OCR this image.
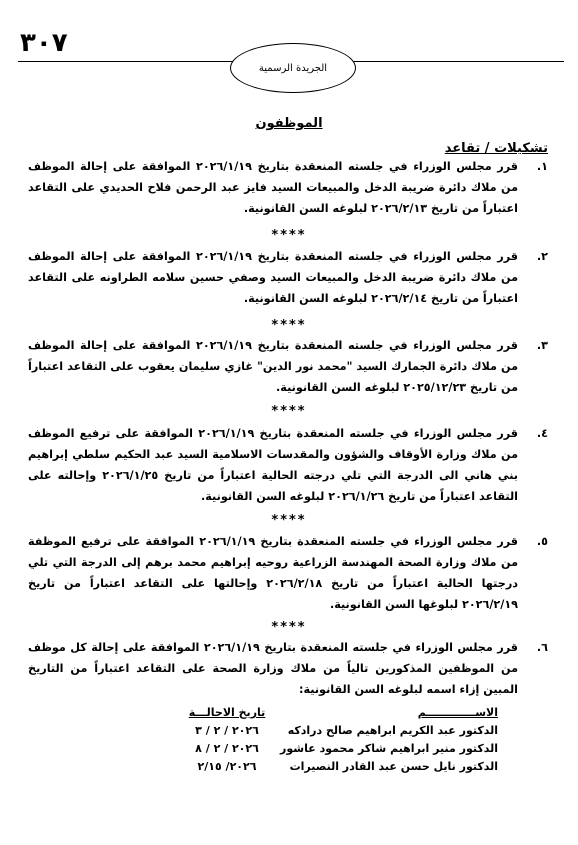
٣٠٧
الجريدة الرسمية
الموظفون
تشكيلات / تقاعد
١.
قرر مجلس الوزراء في جلسته المنعقدة بتاريخ ٢٠٢٦/١/١٩ الموافقة على إحالة الموظف من ملاك دائرة ضريبة الدخل والمبيعات السيد فايز عبد الرحمن فلاح الحديدي على التقاعد اعتباراً من تاريخ ٢٠٢٦/٢/١٣ لبلوغه السن القانونية.
****
٢.
قرر مجلس الوزراء في جلسته المنعقدة بتاريخ ٢٠٢٦/١/١٩ الموافقة على إحالة الموظف من ملاك دائرة ضريبة الدخل والمبيعات السيد وصفي حسين سلامه الطراونه على التقاعد اعتباراً من تاريخ ٢٠٢٦/٢/١٤ لبلوغه السن القانونية.
****
٣.
قرر مجلس الوزراء في جلسته المنعقدة بتاريخ ٢٠٢٦/١/١٩ الموافقة على إحالة الموظف من ملاك دائرة الجمارك السيد "محمد نور الدين" غازي سليمان يعقوب على التقاعد اعتباراً من تاريخ ٢٠٢٥/١٢/٢٣ لبلوغه السن القانونية.
****
٤.
قرر مجلس الوزراء في جلسته المنعقدة بتاريخ ٢٠٢٦/١/١٩ الموافقة على ترفيع الموظف من ملاك وزارة الأوقاف والشؤون والمقدسات الاسلامية السيد عبد الحكيم سلطي إبراهيم بني هاني الى الدرجة التي تلي درجته الحالية اعتباراً من تاريخ ٢٠٢٦/١/٢٥ وإحالته على التقاعد اعتباراً من تاريخ ٢٠٢٦/١/٢٦ لبلوغه السن القانونية.
****
٥.
قرر مجلس الوزراء في جلسته المنعقدة بتاريخ ٢٠٢٦/١/١٩ الموافقة على ترفيع الموظفة من ملاك وزارة الصحة المهندسة الزراعية روحيه إبراهيم محمد برهم إلى الدرجة التي تلي درجتها الحالية اعتباراً من تاريخ ٢٠٢٦/٢/١٨ وإحالتها على التقاعد اعتباراً من تاريخ ٢٠٢٦/٢/١٩ لبلوغها السن القانونية.
****
٦.
قرر مجلس الوزراء في جلسته المنعقدة بتاريخ ٢٠٢٦/١/١٩ الموافقة على إحالة كل موظف من الموظفين المذكورين تالياً من ملاك وزارة الصحة على التقاعد اعتباراً من التاريخ المبين إزاء اسمه لبلوغه السن القانونية:
الاســـــــــــــم
تاريخ الاحالـــة
الدكتور عبد الكريم ابراهيم صالح درادكه
٢٠٢٦ / ٢ / ٣
الدكتور منير ابراهيم شاكر محمود عاشور
٢٠٢٦ / ٢ / ٨
الدكتور نايل حسن عبد القادر النصيرات
٢٠٢٦/ ٢/١٥
